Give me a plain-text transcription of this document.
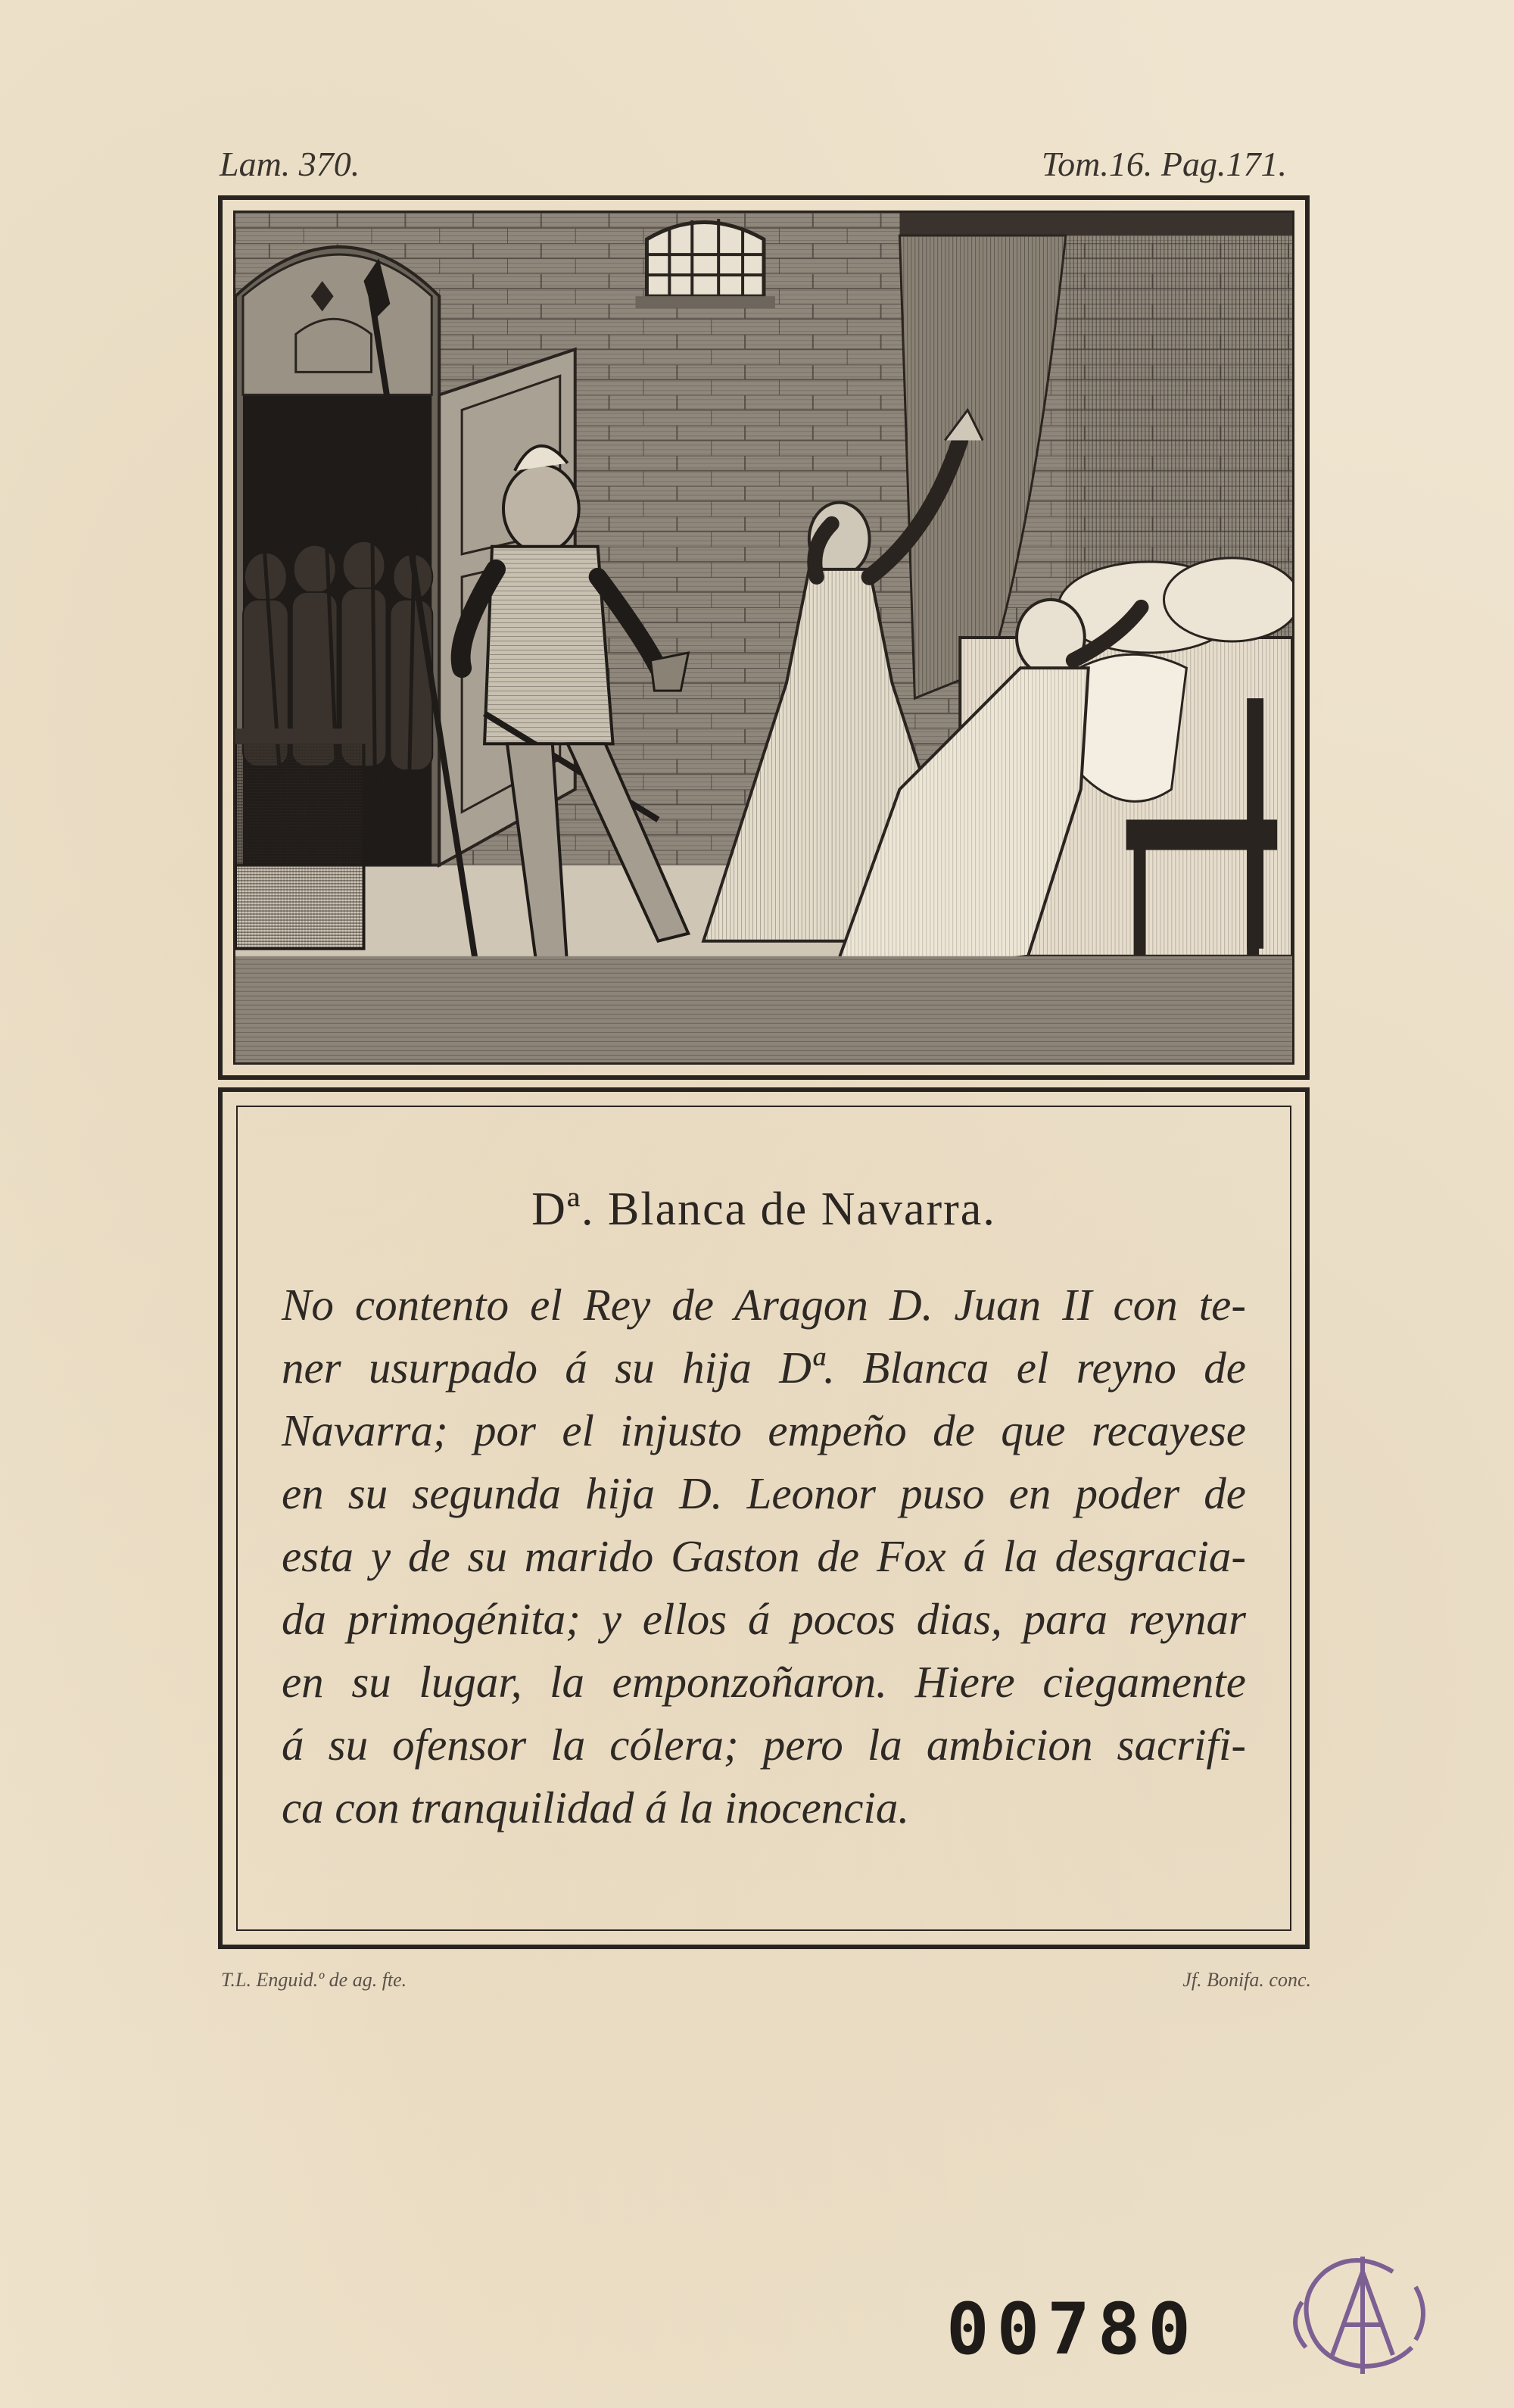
Lam. 370.	Tom.16. Pag.171.
Dª. Blanca de Navarra.
No contento el Rey de Aragon D. Juan II con te-
ner usurpado á su hija Dª. Blanca el reyno de
Navarra; por el injusto empeño de que recayese
en su segunda hija D. Leonor puso en poder de
esta y de su marido Gaston de Fox á la desgracia-
da primogénita; y ellos á pocos dias, para reynar
en su lugar, la emponzoñaron. Hiere ciegamente
á su ofensor la cólera; pero la ambicion sacrifi-
ca con tranquilidad á la inocencia.
T.L. Enguid.º de ag. fte.	Jf. Bonifa. conc.
00780
